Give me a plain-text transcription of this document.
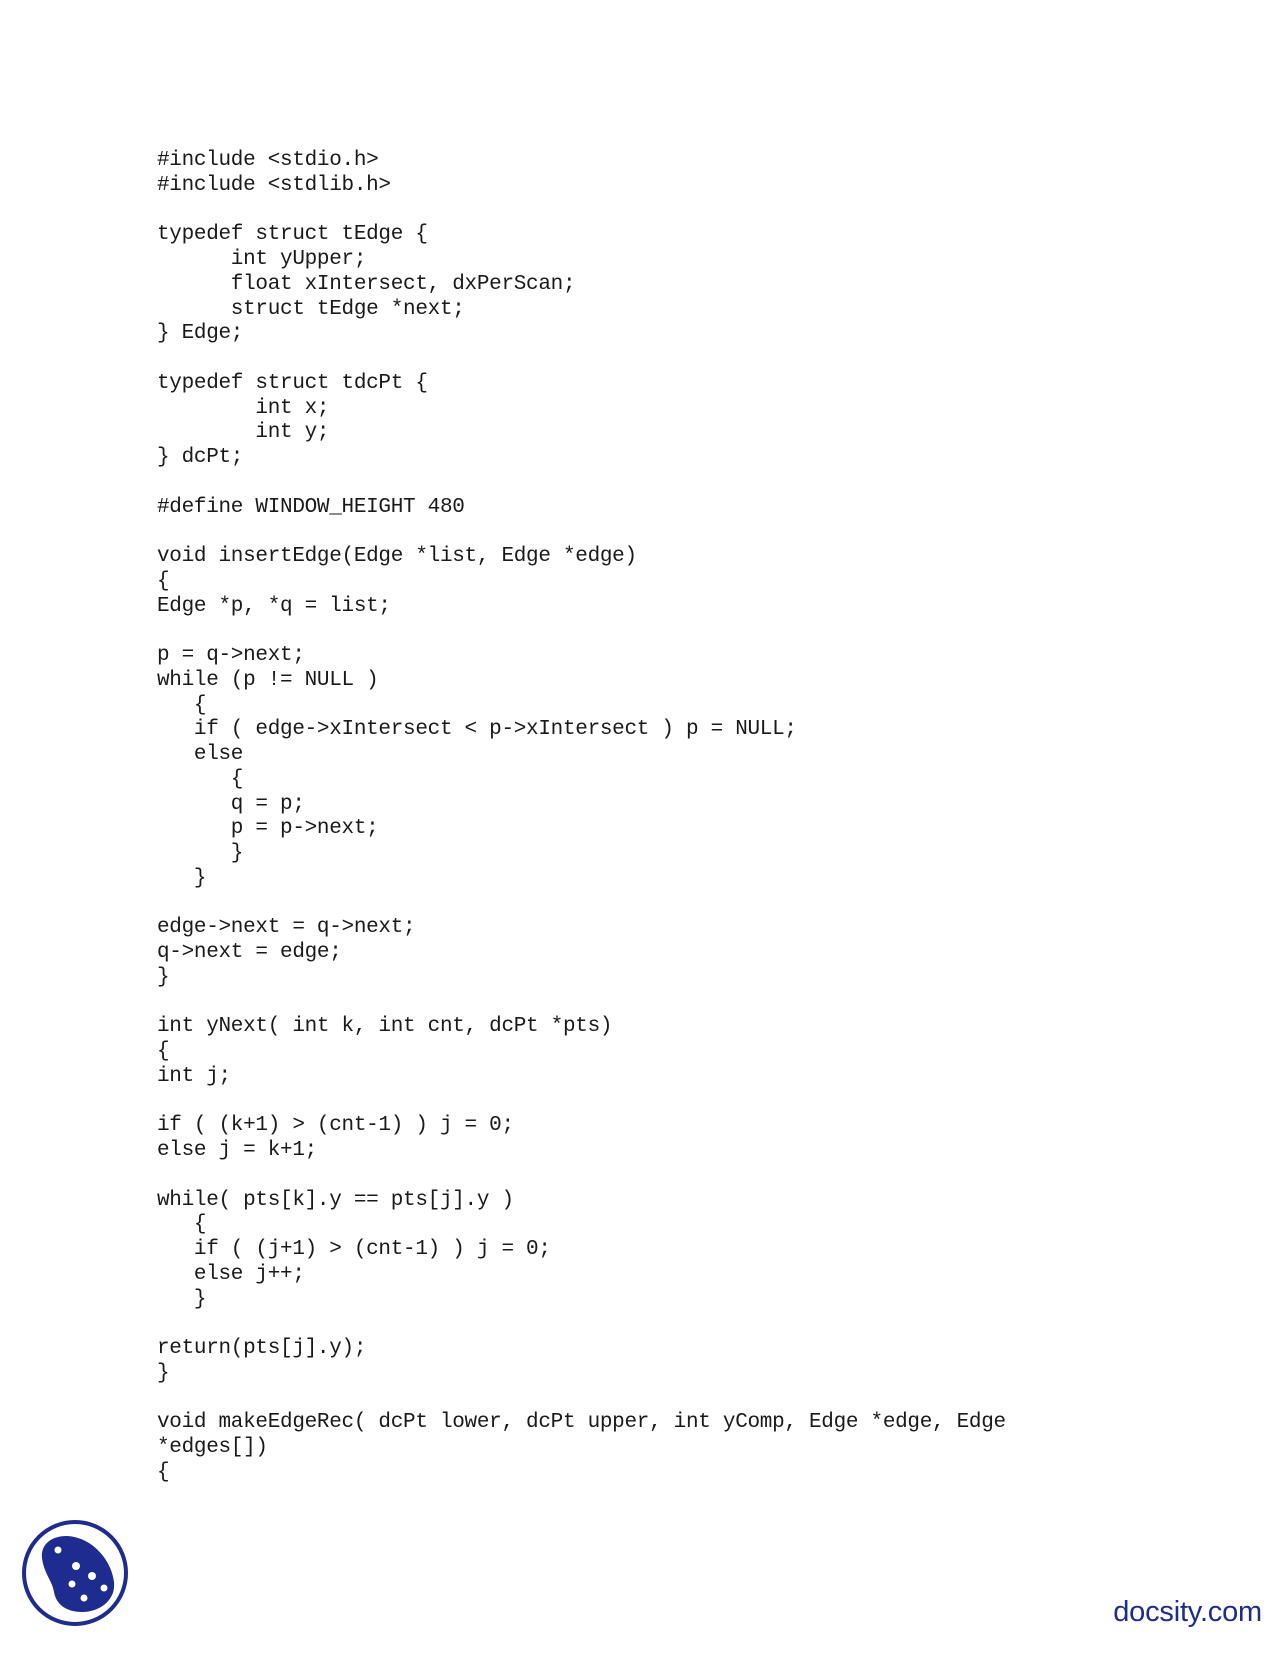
#include <stdio.h>
#include <stdlib.h>

typedef struct tEdge {
int yUpper;
float xIntersect, dxPerScan;
struct tEdge *next;
} Edge;

typedef struct tdcPt {
int x;
int y;
} dcPt;

#define WINDOW_HEIGHT 480

void insertEdge(Edge *list, Edge *edge)
{
Edge *p, *q = list;

p = q->next;
while (p != NULL )
{
if ( edge->xIntersect < p->xIntersect ) p = NULL;
else
{
q = p;
p = p->next;
}
}

edge->next = q->next;
q->next = edge;
}

int yNext( int k, int cnt, dcPt *pts)
{
int j;

if ( (k+1) > (cnt-1) ) j = 0;
else j = k+1;

while( pts[k].y == pts[j].y )
{
if ( (j+1) > (cnt-1) ) j = 0;
else j++;
}

return(pts[j].y);
}

void makeEdgeRec( dcPt lower, dcPt upper, int yComp, Edge *edge, Edge
*edges[])
{
docsity.com
